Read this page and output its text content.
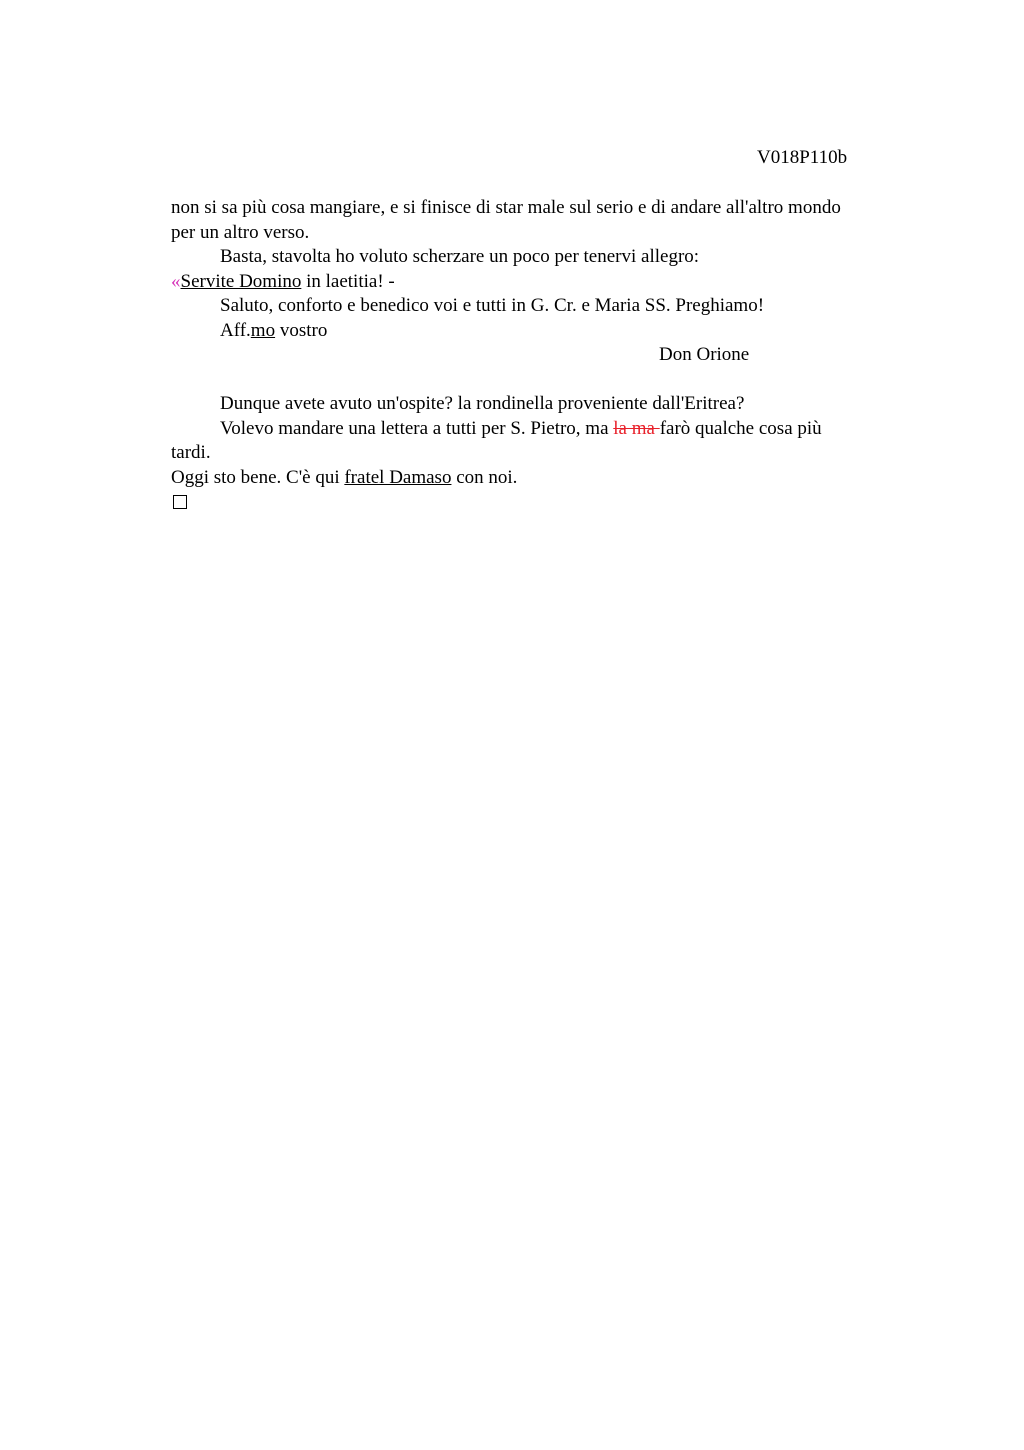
V018P110b
non si sa più cosa mangiare, e si finisce di star male sul serio e di andare all'altro mondo
per un altro verso.
Basta, stavolta ho voluto scherzare un poco per tenervi allegro:
«Servite Domino in laetitia! -
Saluto, conforto e benedico voi e tutti in G. Cr. e Maria SS. Preghiamo!
Aff.mo vostro
Don Orione
Dunque avete avuto un'ospite? la rondinella proveniente dall'Eritrea?
Volevo mandare una lettera a tutti per S. Pietro, ma la ma farò qualche cosa più
tardi.
Oggi sto bene. C'è qui fratel Damaso con noi.
